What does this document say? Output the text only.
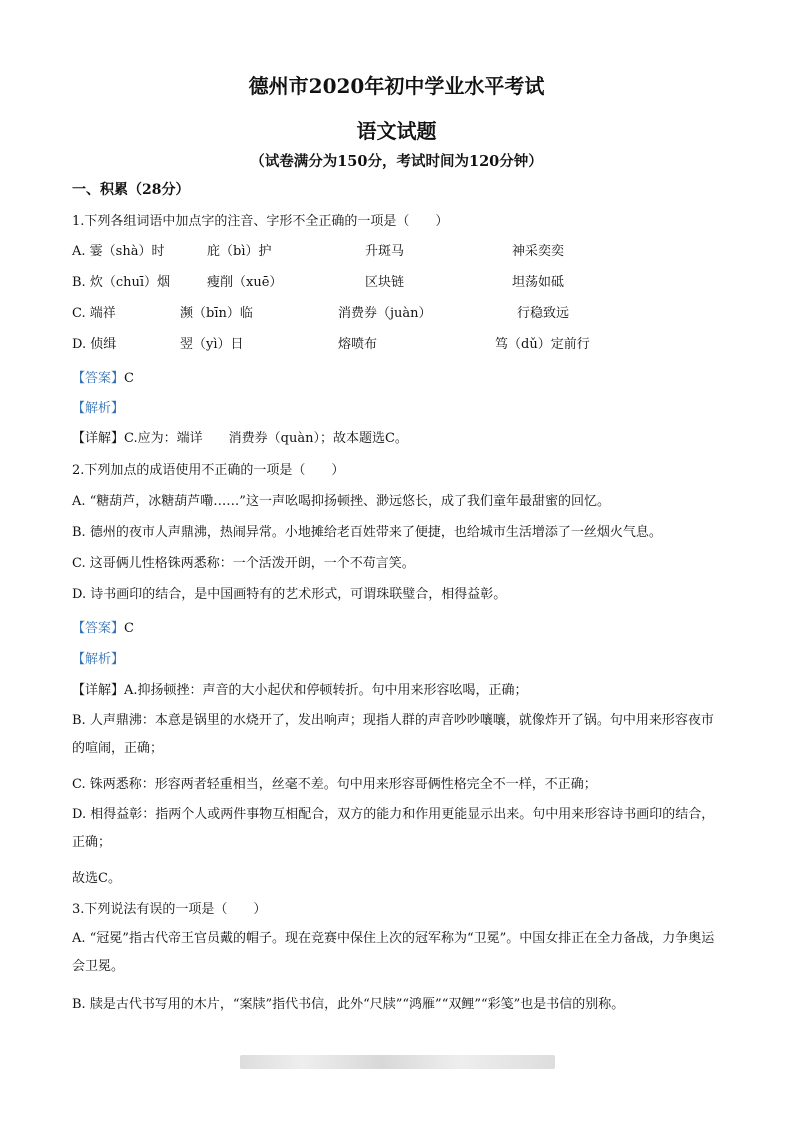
德州市2020年初中学业水平考试
语文试题
（试卷满分为150分，考试时间为120分钟）
一、积累（28分）
1.下列各组词语中加点字的注音、字形不全正确的一项是（　　）
A. 霎（shà）时	庇（bì）护	升斑马	神采奕奕
B. 炊（chuī）烟	瘦削（xuē）	区块链	坦荡如砥
C. 端祥	濒（bīn）临	消费券（juàn）	行稳致远
D. 侦缉	翌（yì）日	熔喷布	笃（dǔ）定前行
【答案】C
【解析】
【详解】C.应为：端详　　消费券（quàn）；故本题选C。
2.下列加点的成语使用不正确的一项是（　　）
A. “糖葫芦，冰糖葫芦嘞……”这一声吆喝抑扬顿挫、渺远悠长，成了我们童年最甜蜜的回忆。
B. 德州的夜市人声鼎沸，热闹异常。小地摊给老百姓带来了便捷，也给城市生活增添了一丝烟火气息。
C. 这哥俩儿性格铢两悉称：一个活泼开朗，一个不苟言笑。
D. 诗书画印的结合，是中国画特有的艺术形式，可谓珠联璧合，相得益彰。
【答案】C
【解析】
【详解】A.抑扬顿挫：声音的大小起伏和停顿转折。句中用来形容吆喝，正确；
B. 人声鼎沸：本意是锅里的水烧开了，发出响声；现指人群的声音吵吵嚷嚷，就像炸开了锅。句中用来形容夜市的喧闹，正确；
C. 铢两悉称：形容两者轻重相当，丝毫不差。句中用来形容哥俩性格完全不一样，不正确；
D. 相得益彰：指两个人或两件事物互相配合，双方的能力和作用更能显示出来。句中用来形容诗书画印的结合，正确；
故选C。
3.下列说法有误的一项是（　　）
A. “冠冕”指古代帝王官员戴的帽子。现在竞赛中保住上次的冠军称为“卫冕”。中国女排正在全力备战，力争奥运会卫冕。
B. 牍是古代书写用的木片，“案牍”指代书信，此外“尺牍”“鸿雁”“双鲤”“彩笺”也是书信的别称。
